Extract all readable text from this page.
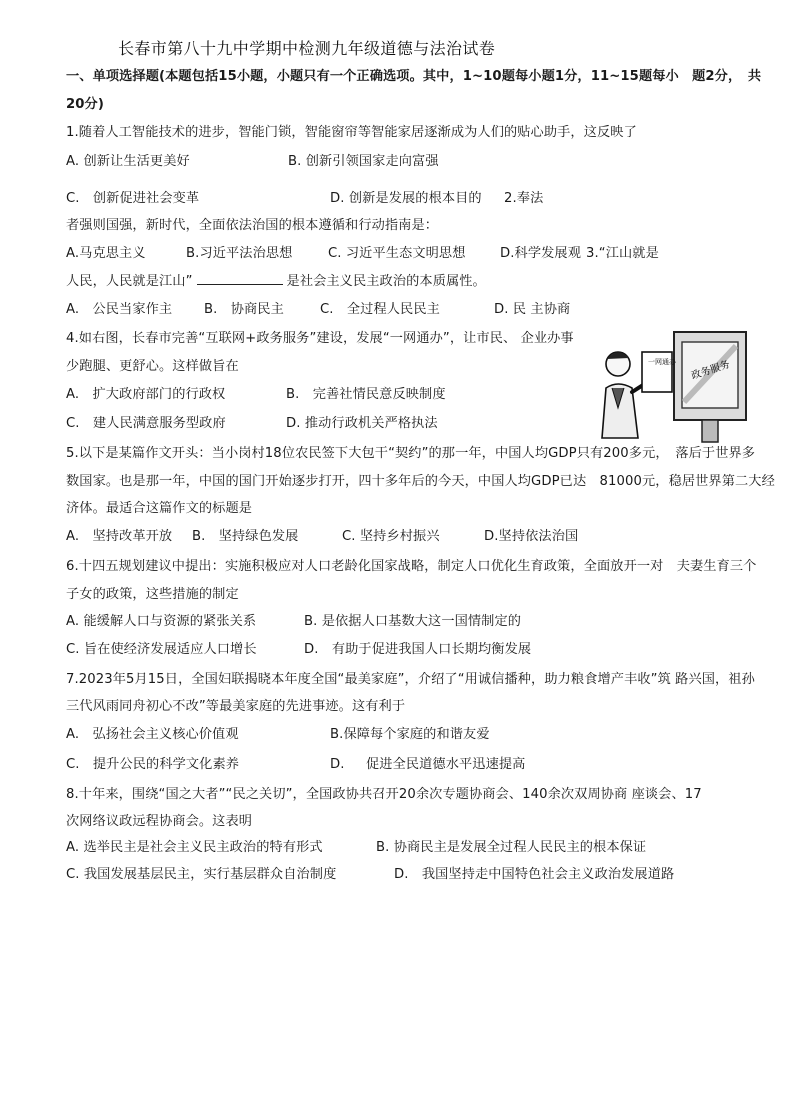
长春市第八十九中学期中检测九年级道德与法治试卷
一、单项选择题(本题包括15小题，小题只有一个正确选项。其中，1~10题每小题1分，11~15题每小　题2分，　共
20分)
1.随着人工智能技术的进步，智能门锁，智能窗帘等智能家居逐渐成为人们的贴心助手，这反映了
A. 创新让生活更美好	B. 创新引领国家走向富强
C.　创新促进社会变革	D. 创新是发展的根本目的 2.奉法
者强则国强，新时代，全面依法治国的根本遵循和行动指南是：
A.马克思主义	B.习近平法治思想	C. 习近平生态文明思想	D.科学发展观 3.“江山就是
人民，人民就是江山”	是社会主义民主政治的本质属性。
A.　公民当家作主 B.　协商民主	C.　全过程人民民主	D. 民 主协商
4.如右图，长春市完善“互联网+政务服务”建设，发展“一网通办”，让市民、 企业办事
少跑腿、更舒心。这样做旨在
A.　扩大政府部门的行政权	B.　完善社情民意反映制度
C.　建人民满意服务型政府	D. 推动行政机关严格执法
政务服务
一网通办
5.以下是某篇作文开头：当小岗村18位农民签下大包干“契约”的那一年，中国人均GDP只有200多元，　落后于世界多
数国家。也是那一年，中国的国门开始逐步打开，四十多年后的今天，中国人均GDP已达　81000元，稳居世界第二大经
济体。最适合这篇作文的标题是
A.　坚持改革开放 B.　坚持绿色发展	C. 坚持乡村振兴	D.坚持依法治国
6.十四五规划建议中提出：实施积极应对人口老龄化国家战略，制定人口优化生育政策，全面放开一对　夫妻生育三个
子女的政策，这些措施的制定
A. 能缓解人口与资源的紧张关系	B. 是依据人口基数大这一国情制定的
C. 旨在使经济发展适应人口增长	D.　有助于促进我国人口长期均衡发展
7.2023年5月15日，全国妇联揭晓本年度全国“最美家庭”，介绍了“用诚信播种，助力粮食增产丰收”筑 路兴国，祖孙
三代风雨同舟初心不改”等最美家庭的先进事迹。这有利于
A.　弘扬社会主义核心价值观	B.保障每个家庭的和谐友爱
C.　提升公民的科学文化素养	D. 促进全民道德水平迅速提高
8.十年来，围绕“国之大者”“民之关切”，全国政协共召开20余次专题协商会、140余次双周协商 座谈会、17
次网络议政远程协商会。这表明
A. 选举民主是社会主义民主政治的特有形式	B. 协商民主是发展全过程人民民主的根本保证
C. 我国发展基层民主，实行基层群众自治制度	D.　我国坚持走中国特色社会主义政治发展道路
